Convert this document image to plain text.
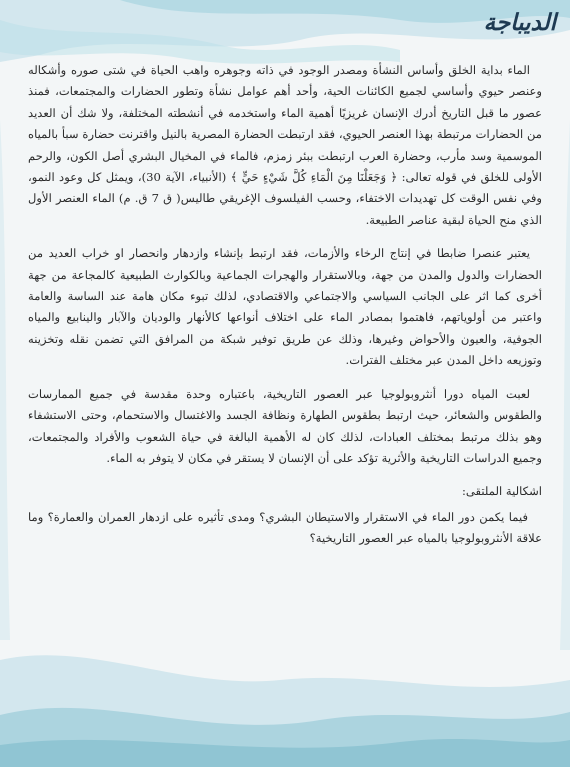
الديباجة

الماء بداية الخلق وأساس النشأة ومصدر الوجود في ذاته وجوهره واهب الحياة في شتى صوره وأشكاله وعنصر حيوي وأساسي لجميع الكائنات الحية، وأحد أهم عوامل نشأة وتطور الحضارات والمجتمعات، فمنذ عصور ما قبل التاريخ أدرك الإنسان غريزيًا أهمية الماء واستخدمه في أنشطته المختلفة، ولا شك أن العديد من الحضارات مرتبطة بهذا العنصر الحيوي، فقد ارتبطت الحضارة المصرية بالنيل واقترنت حضارة سبأ بالمياه الموسمية وسد مأرب، وحضارة العرب ارتبطت ببئر زمزم، فالماء في المخيال البشري أصل الكون، والرحم الأولى للخلق في قوله تعالى: ﴿ وَجَعَلْنَا مِنَ الْمَاءِ كُلَّ شَيْءٍ حَيٍّ ﴾ (الأنبياء، الآية 30)، ويمثل كل وعود النمو، وفي نفس الوقت كل تهديدات الاختفاء، وحسب الفيلسوف الإغريقي طاليس( ق 7 ق. م) الماء العنصر الأول الذي منح الحياة لبقية عناصر الطبيعة.

يعتبر عنصرا ضابطا في إنتاج الرخاء والأزمات، فقد ارتبط بإنشاء وازدهار وانحصار او خراب العديد من الحضارات والدول والمدن من جهة، وبالاستقرار والهجرات الجماعية وبالكوارث الطبيعية كالمجاعة من جهة أخرى كما اثر على الجانب السياسي والاجتماعي والاقتصادي، لذلك تبوء مكان هامة عند الساسة والعامة واعتبر من أولوياتهم، فاهتموا بمصادر الماء على اختلاف أنواعها كالأنهار والوديان والآبار والينابيع والمياه الجوفية، والعيون والأحواض وغيرها، وذلك عن طريق توفير شبكة من المرافق التي تضمن نقله وتخزينه وتوزيعه داخل المدن عبر مختلف الفترات.

لعبت المياه دورا أنثروبولوجيا عبر العصور التاريخية، باعتباره وحدة مقدسة في جميع الممارسات والطقوس والشعائر، حيث ارتبط بطقوس الطهارة ونظافة الجسد والاغتسال والاستحمام، وحتى الاستشفاء وهو بذلك مرتبط بمختلف العبادات، لذلك كان له الأهمية البالغة في حياة الشعوب والأفراد والمجتمعات، وجميع الدراسات التاريخية والأثرية تؤكد على أن الإنسان لا يستقر في مكان لا يتوفر به الماء.

اشكالية الملتقى:

فيما يكمن دور الماء في الاستقرار والاستيطان البشري؟ ومدى تأثيره على ازدهار العمران والعمارة؟ وما علاقة الأنثروبولوجيا بالمياه عبر العصور التاريخية؟
